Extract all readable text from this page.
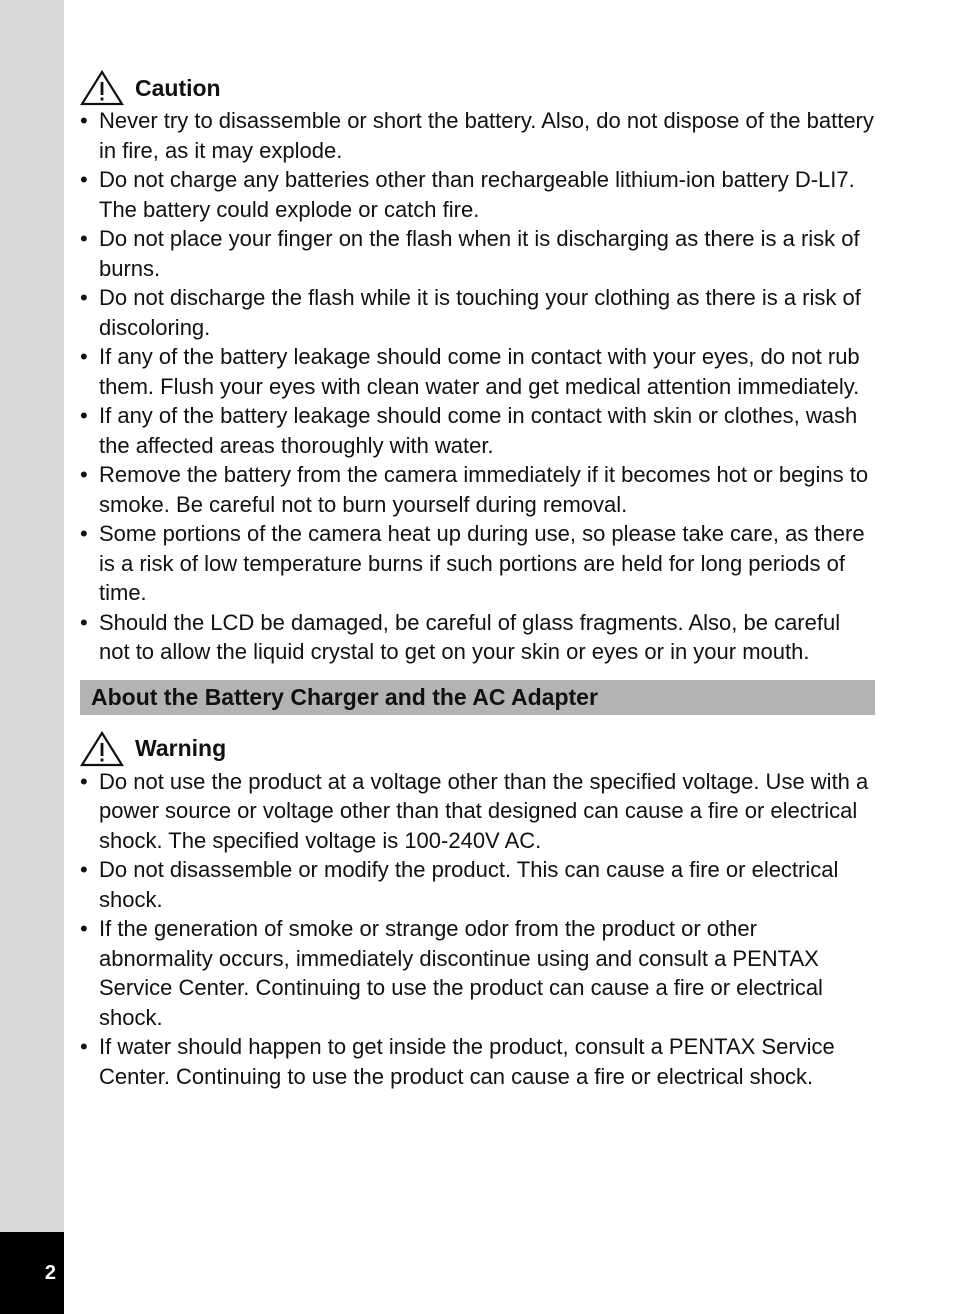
2
Caution
• Never try to disassemble or short the battery. Also, do not dispose of the battery in fire, as it may explode.
• Do not charge any batteries other than rechargeable lithium-ion battery D-LI7. The battery could explode or catch fire.
• Do not place your finger on the flash when it is discharging as there is a risk of burns.
• Do not discharge the flash while it is touching your clothing as there is a risk of discoloring.
• If any of the battery leakage should come in contact with your eyes, do not rub them. Flush your eyes with clean water and get medical attention immediately.
• If any of the battery leakage should come in contact with skin or clothes, wash the affected areas thoroughly with water.
• Remove the battery from the camera immediately if it becomes hot or begins to smoke. Be careful not to burn yourself during removal.
• Some portions of the camera heat up during use, so please take care, as there is a risk of low temperature burns if such portions are held for long periods of time.
• Should the LCD be damaged, be careful of glass fragments. Also, be careful not to allow the liquid crystal to get on your skin or eyes or in your mouth.
About the Battery Charger and the AC Adapter
Warning
• Do not use the product at a voltage other than the specified voltage. Use with a power source or voltage other than that designed can cause a fire or electrical shock. The specified voltage is 100-240V AC.
• Do not disassemble or modify the product. This can cause a fire or electrical shock.
• If the generation of smoke or strange odor from the product or other abnormality occurs, immediately discontinue using and consult a PENTAX Service Center. Continuing to use the product can cause a fire or electrical shock.
• If water should happen to get inside the product, consult a PENTAX Service Center. Continuing to use the product can cause a fire or electrical shock.
